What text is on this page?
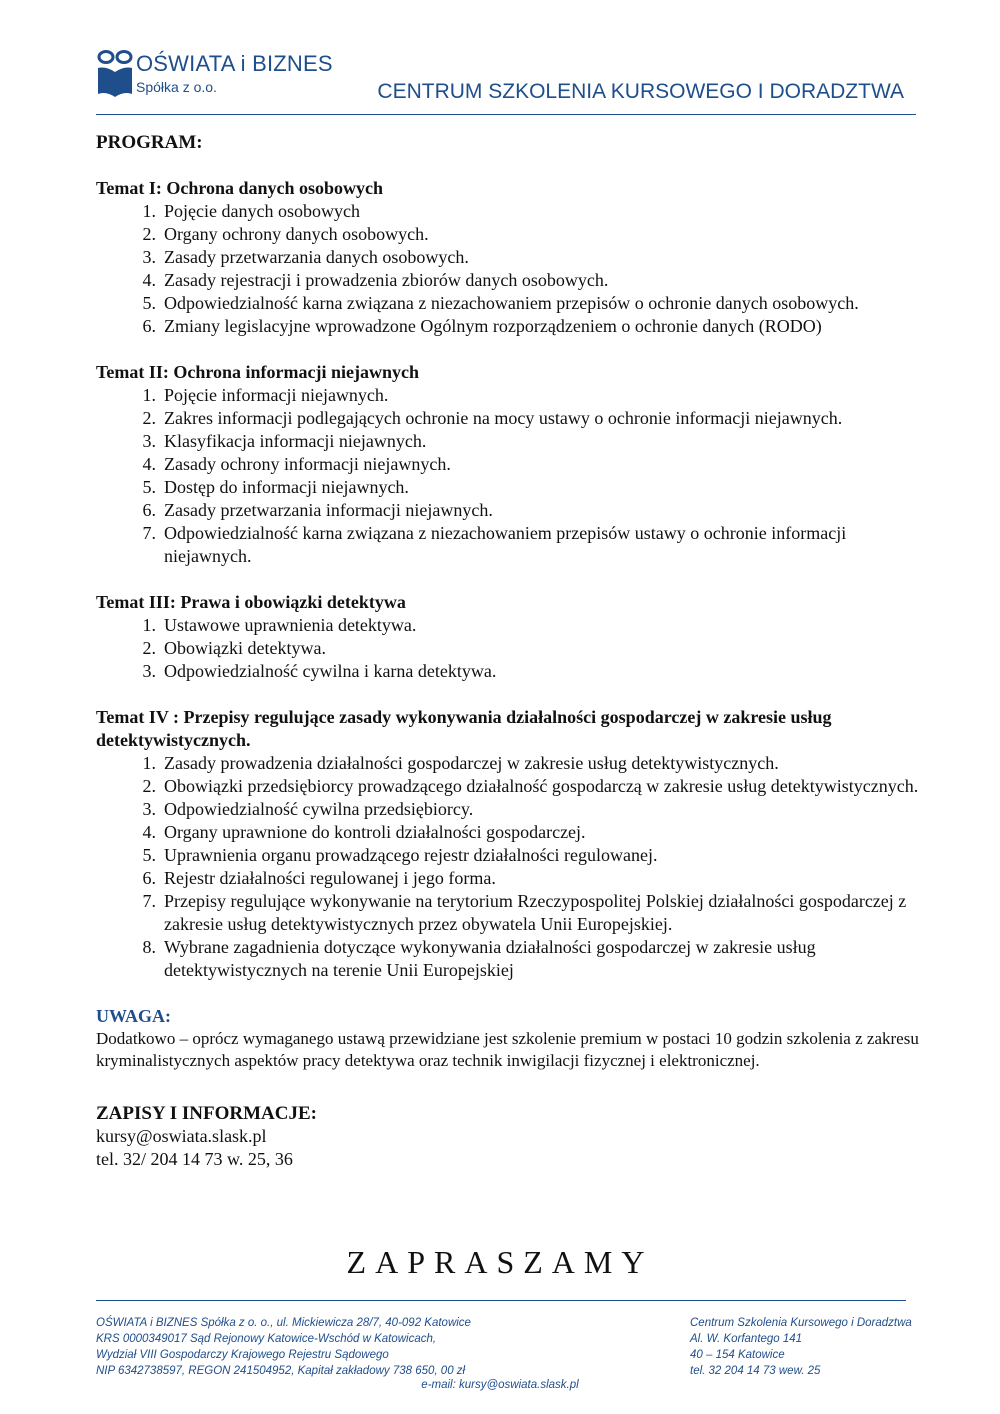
OŚWIATA i BIZNES
Spółka z o.o.	CENTRUM SZKOLENIA KURSOWEGO I DORADZTWA
PROGRAM:
Temat I: Ochrona danych osobowych
1. Pojęcie danych osobowych
2. Organy ochrony danych osobowych.
3. Zasady przetwarzania danych osobowych.
4. Zasady rejestracji i prowadzenia zbiorów danych osobowych.
5. Odpowiedzialność karna związana z niezachowaniem przepisów o ochronie danych osobowych.
6. Zmiany legislacyjne wprowadzone Ogólnym rozporządzeniem o ochronie danych (RODO)
Temat II: Ochrona informacji niejawnych
1. Pojęcie informacji niejawnych.
2. Zakres informacji podlegających ochronie na mocy ustawy o ochronie informacji niejawnych.
3. Klasyfikacja informacji niejawnych.
4. Zasady ochrony informacji niejawnych.
5. Dostęp do informacji niejawnych.
6. Zasady przetwarzania informacji niejawnych.
7. Odpowiedzialność karna związana z niezachowaniem przepisów ustawy o ochronie informacji niejawnych.
Temat III: Prawa i obowiązki detektywa
1. Ustawowe uprawnienia detektywa.
2. Obowiązki detektywa.
3. Odpowiedzialność cywilna i karna detektywa.
Temat IV : Przepisy regulujące zasady wykonywania działalności gospodarczej w zakresie usług detektywistycznych.
1. Zasady prowadzenia działalności gospodarczej w zakresie usług detektywistycznych.
2. Obowiązki przedsiębiorcy prowadzącego działalność gospodarczą w zakresie usług detektywistycznych.
3. Odpowiedzialność cywilna przedsiębiorcy.
4. Organy uprawnione do kontroli działalności gospodarczej.
5. Uprawnienia organu prowadzącego rejestr działalności regulowanej.
6. Rejestr działalności regulowanej i jego forma.
7. Przepisy regulujące wykonywanie na terytorium Rzeczypospolitej Polskiej działalności gospodarczej z zakresie usług detektywistycznych przez obywatela Unii Europejskiej.
8. Wybrane zagadnienia dotyczące wykonywania działalności gospodarczej w zakresie usług detektywistycznych na terenie Unii Europejskiej
UWAGA:
Dodatkowo – oprócz wymaganego ustawą przewidziane jest szkolenie premium w postaci 10 godzin szkolenia z zakresu kryminalistycznych aspektów pracy detektywa oraz technik inwigilacji fizycznej i elektronicznej.
ZAPISY I INFORMACJE:
kursy@oswiata.slask.pl
tel. 32/ 204 14 73 w. 25, 36
ZAPRASZAMY
OŚWIATA i BIZNES Spółka z o. o., ul. Mickiewicza 28/7, 40-092 Katowice
KRS 0000349017 Sąd Rejonowy Katowice-Wschód w Katowicach,
Wydział VIII Gospodarczy Krajowego Rejestru Sądowego
NIP 6342738597, REGON 241504952, Kapitał zakładowy 738 650, 00 zł
Centrum Szkolenia Kursowego i Doradztwa
Al. W. Korfantego 141
40 – 154 Katowice
tel. 32 204 14 73 wew. 25
e-mail: kursy@oswiata.slask.pl
